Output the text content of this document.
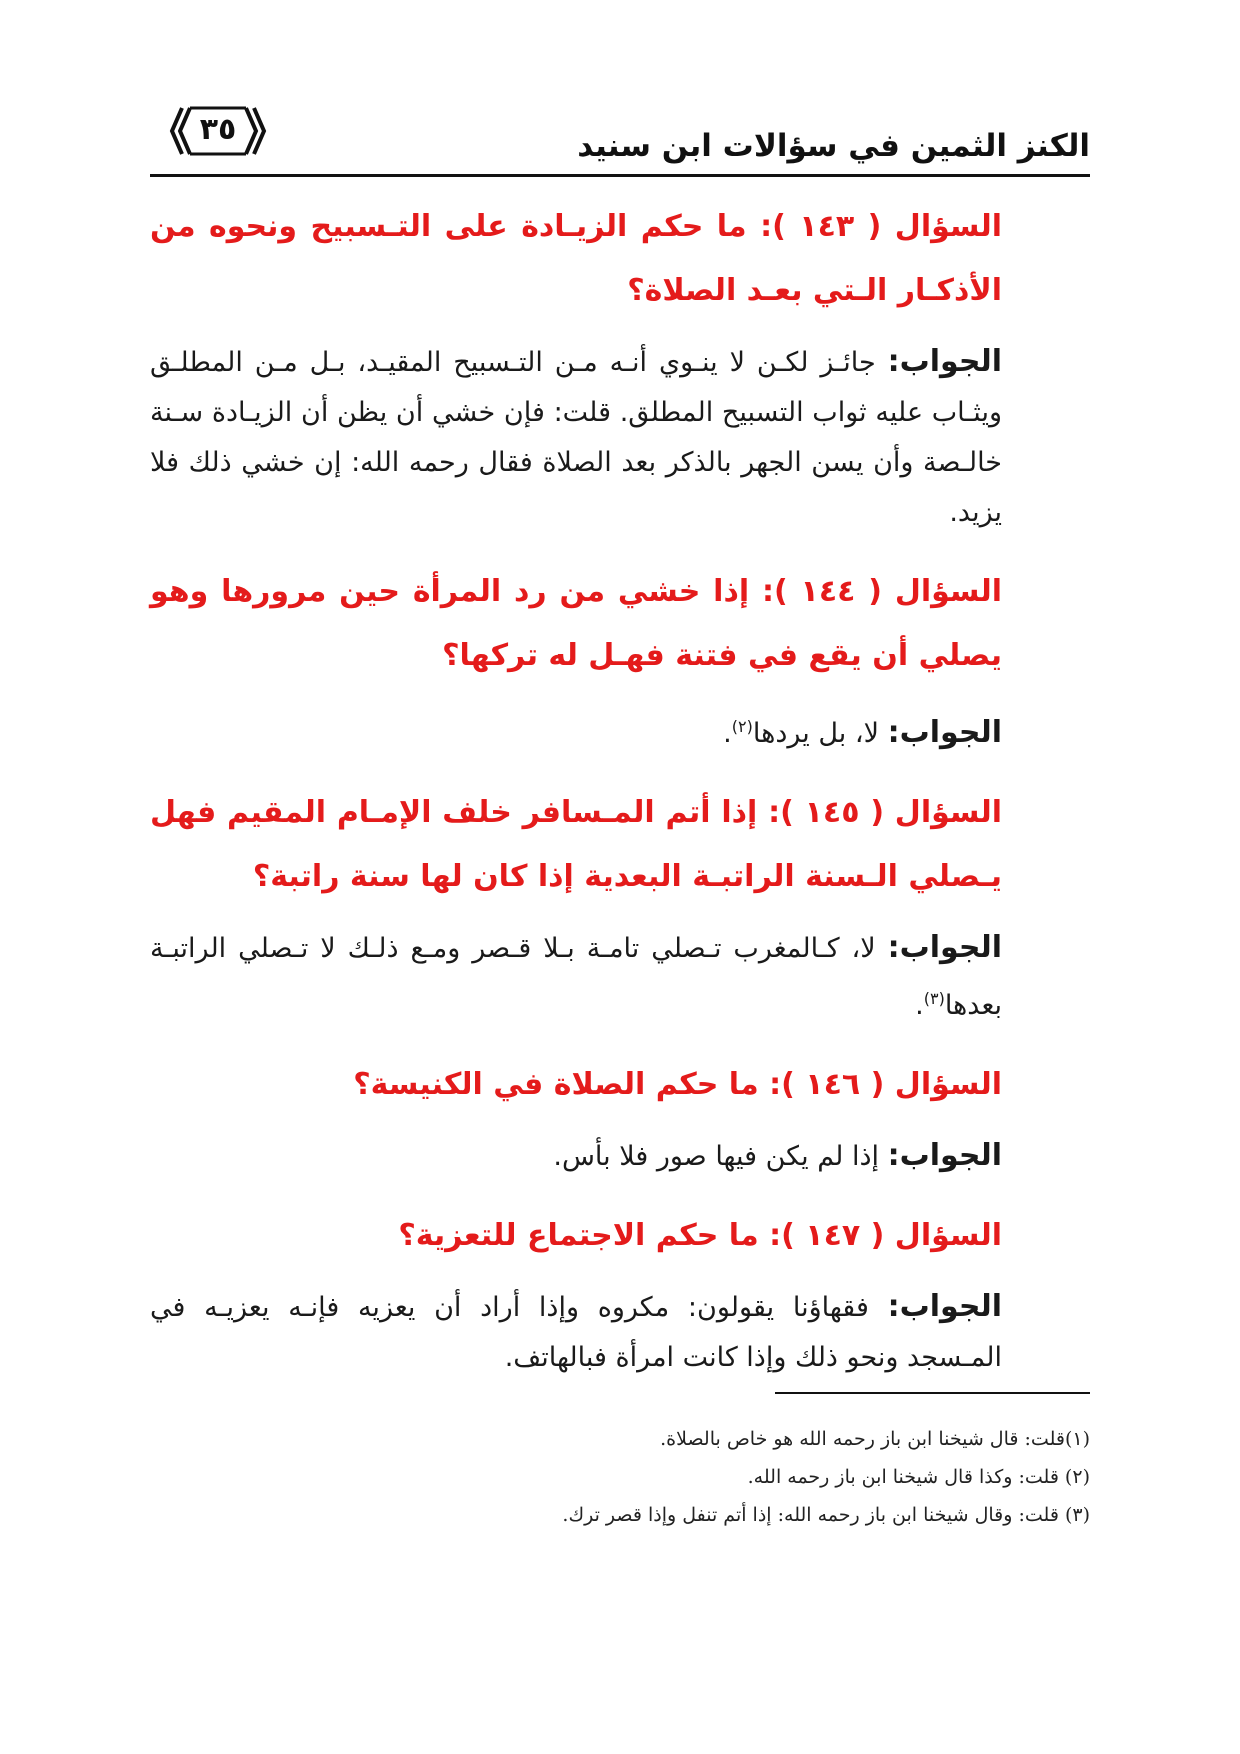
الكنز الثمين في سؤالات ابن سنيد
٣٥

السؤال ( ١٤٣ ): ما حكم الزيـادة على التـسبيح ونحوه من الأذكـار الـتي بعـد الصلاة؟

الجواب: جائـز لكـن لا ينـوي أنـه مـن التـسبيح المقيـد، بـل مـن المطلـق ويثـاب عليه ثواب التسبيح المطلق. قلت: فإن خشي أن يظن أن الزيـادة سـنة خالـصة وأن يسن الجهر بالذكر بعد الصلاة فقال رحمه الله: إن خشي ذلك فلا يزيد.

السؤال ( ١٤٤ ): إذا خشي من رد المرأة حين مرورها وهو يصلي أن يقع في فتنة فهـل له تركها؟

الجواب: لا، بل يردها$^{(٢)}$.

السؤال ( ١٤٥ ): إذا أتم المـسافر خلف الإمـام المقيم فهل يـصلي الـسنة الراتبـة البعدية إذا كان لها سنة راتبة؟

الجواب: لا، كـالمغرب تـصلي تامـة بـلا قـصر ومـع ذلـك لا تـصلي الراتبـة بعدها$^{(٣)}$.

السؤال ( ١٤٦ ): ما حكم الصلاة في الكنيسة؟

الجواب: إذا لم يكن فيها صور فلا بأس.

السؤال ( ١٤٧ ): ما حكم الاجتماع للتعزية؟

الجواب: فقهاؤنا يقولون: مكروه وإذا أراد أن يعزيه فإنـه يعزيـه في المـسجد ونحو ذلك وإذا كانت امرأة فبالهاتف.

(١)قلت: قال شيخنا ابن باز رحمه الله هو خاص بالصلاة.

(٢) قلت: وكذا قال شيخنا ابن باز رحمه الله.

(٣) قلت: وقال شيخنا ابن باز رحمه الله: إذا أتم تنفل وإذا قصر ترك.
